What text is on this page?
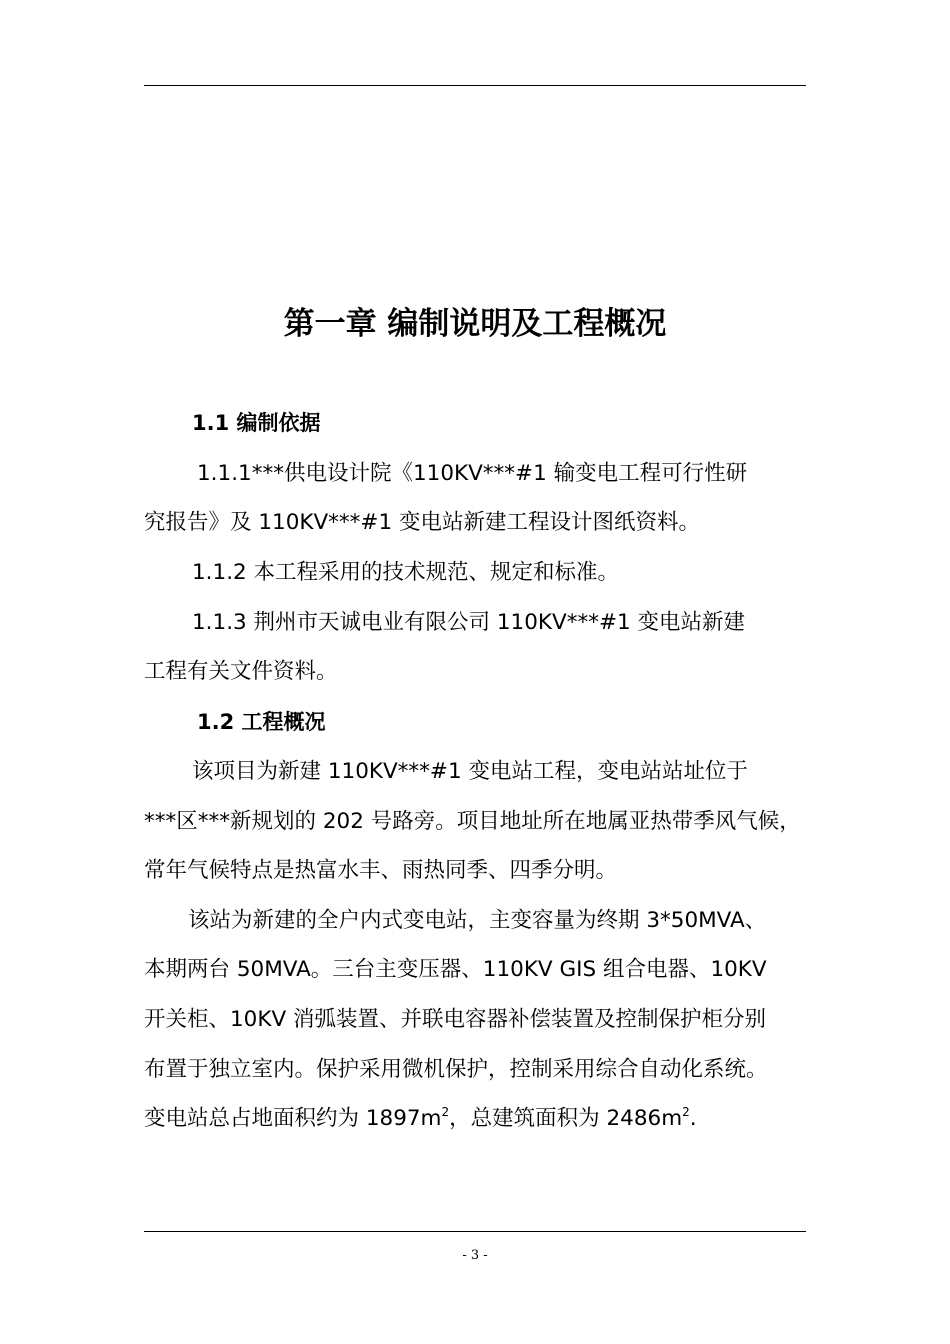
第一章 编制说明及工程概况
1.1 编制依据
1.1.1***供电设计院《110KV***#1 输变电工程可行性研
究报告》及 110KV***#1 变电站新建工程设计图纸资料。
1.1.2 本工程采用的技术规范、规定和标准。
1.1.3 荆州市天诚电业有限公司 110KV***#1 变电站新建
工程有关文件资料。
1.2 工程概况
该项目为新建 110KV***#1 变电站工程，变电站站址位于
***区***新规划的 202 号路旁。项目地址所在地属亚热带季风气候，
常年气候特点是热富水丰、雨热同季、四季分明。
该站为新建的全户内式变电站，主变容量为终期 3*50MVA、
本期两台 50MVA。三台主变压器、110KV GIS 组合电器、10KV
开关柜、10KV 消弧装置、并联电容器补偿装置及控制保护柜分别
布置于独立室内。保护采用微机保护，控制采用综合自动化系统。
变电站总占地面积约为 $1897m^2$，总建筑面积为 $2486m^2$.
- 3 -
